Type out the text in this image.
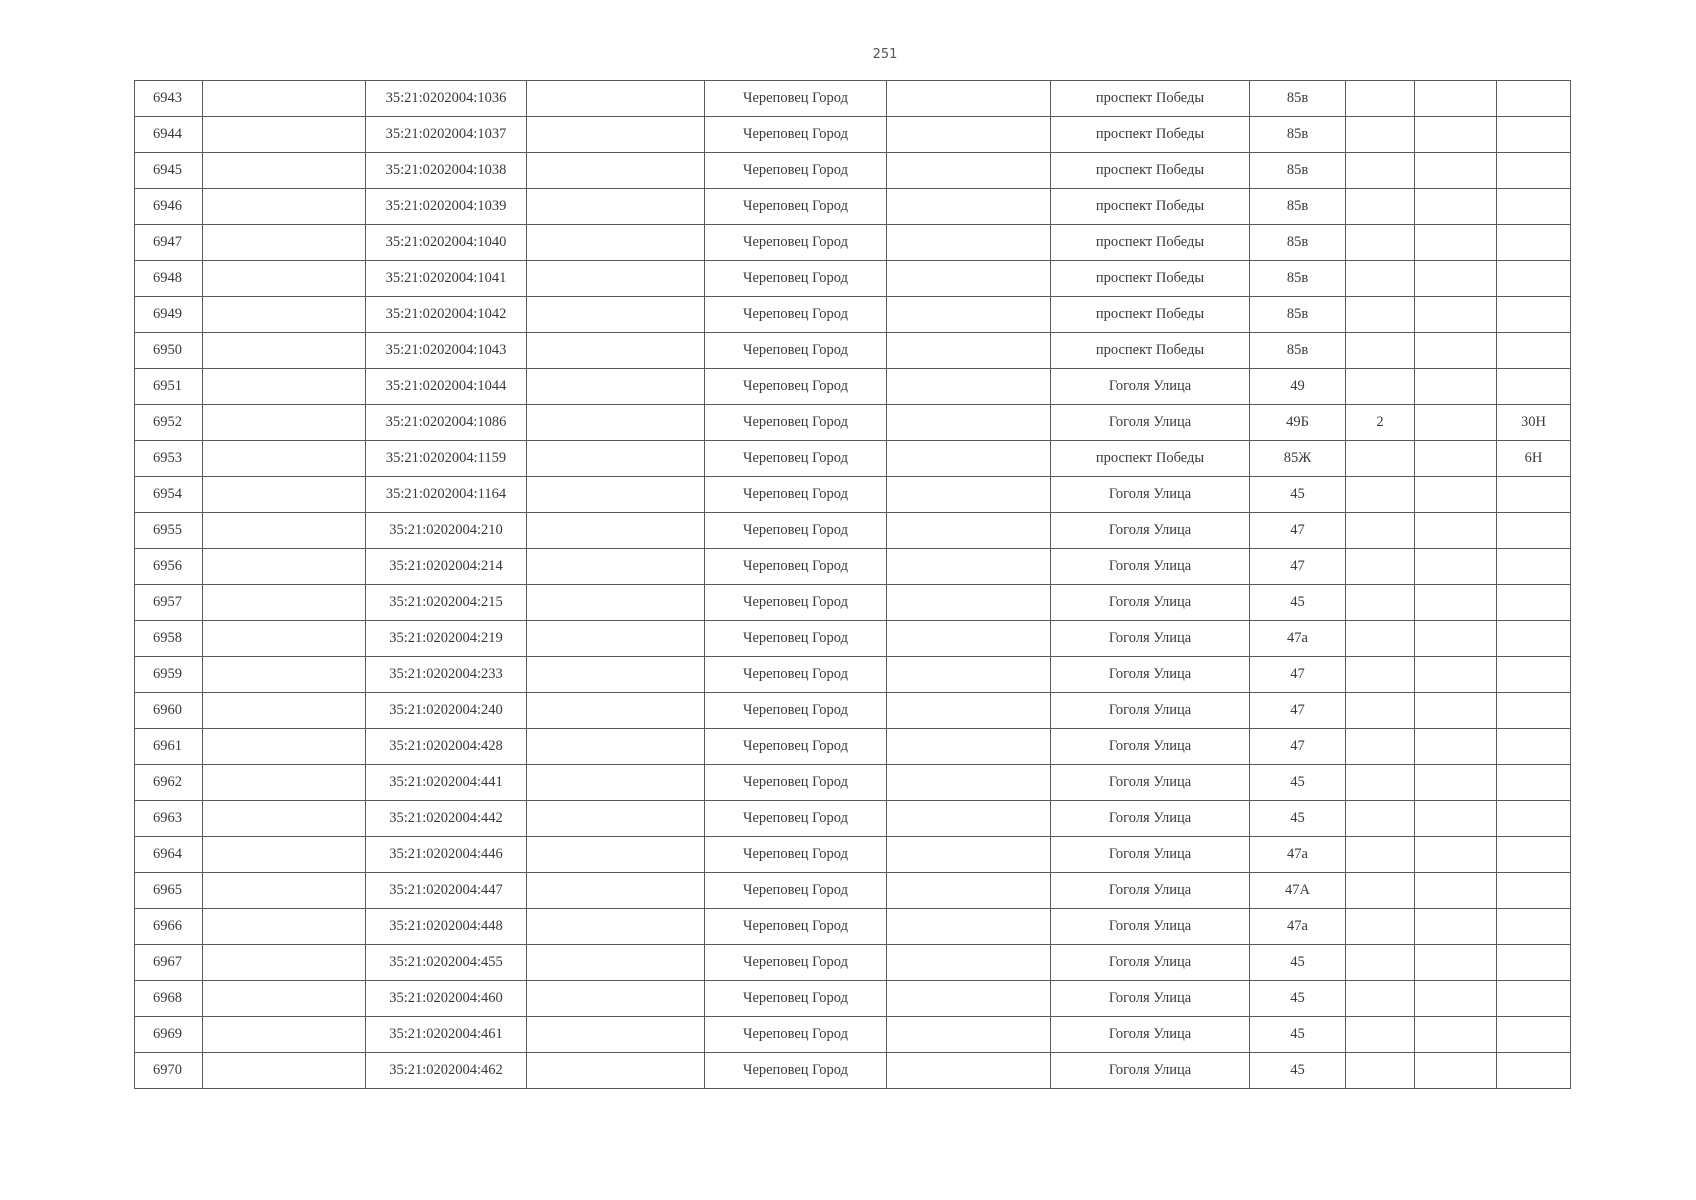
251
6943		35:21:0202004:1036		Череповец Город		проспект Победы	85в			
6944		35:21:0202004:1037		Череповец Город		проспект Победы	85в			
6945		35:21:0202004:1038		Череповец Город		проспект Победы	85в			
6946		35:21:0202004:1039		Череповец Город		проспект Победы	85в			
6947		35:21:0202004:1040		Череповец Город		проспект Победы	85в			
6948		35:21:0202004:1041		Череповец Город		проспект Победы	85в			
6949		35:21:0202004:1042		Череповец Город		проспект Победы	85в			
6950		35:21:0202004:1043		Череповец Город		проспект Победы	85в			
6951		35:21:0202004:1044		Череповец Город		Гоголя Улица	49			
6952		35:21:0202004:1086		Череповец Город		Гоголя Улица	49Б	2		30Н
6953		35:21:0202004:1159		Череповец Город		проспект Победы	85Ж			6Н
6954		35:21:0202004:1164		Череповец Город		Гоголя Улица	45			
6955		35:21:0202004:210		Череповец Город		Гоголя Улица	47			
6956		35:21:0202004:214		Череповец Город		Гоголя Улица	47			
6957		35:21:0202004:215		Череповец Город		Гоголя Улица	45			
6958		35:21:0202004:219		Череповец Город		Гоголя Улица	47а			
6959		35:21:0202004:233		Череповец Город		Гоголя Улица	47			
6960		35:21:0202004:240		Череповец Город		Гоголя Улица	47			
6961		35:21:0202004:428		Череповец Город		Гоголя Улица	47			
6962		35:21:0202004:441		Череповец Город		Гоголя Улица	45			
6963		35:21:0202004:442		Череповец Город		Гоголя Улица	45			
6964		35:21:0202004:446		Череповец Город		Гоголя Улица	47а			
6965		35:21:0202004:447		Череповец Город		Гоголя Улица	47А			
6966		35:21:0202004:448		Череповец Город		Гоголя Улица	47а			
6967		35:21:0202004:455		Череповец Город		Гоголя Улица	45			
6968		35:21:0202004:460		Череповец Город		Гоголя Улица	45			
6969		35:21:0202004:461		Череповец Город		Гоголя Улица	45			
6970		35:21:0202004:462		Череповец Город		Гоголя Улица	45			
